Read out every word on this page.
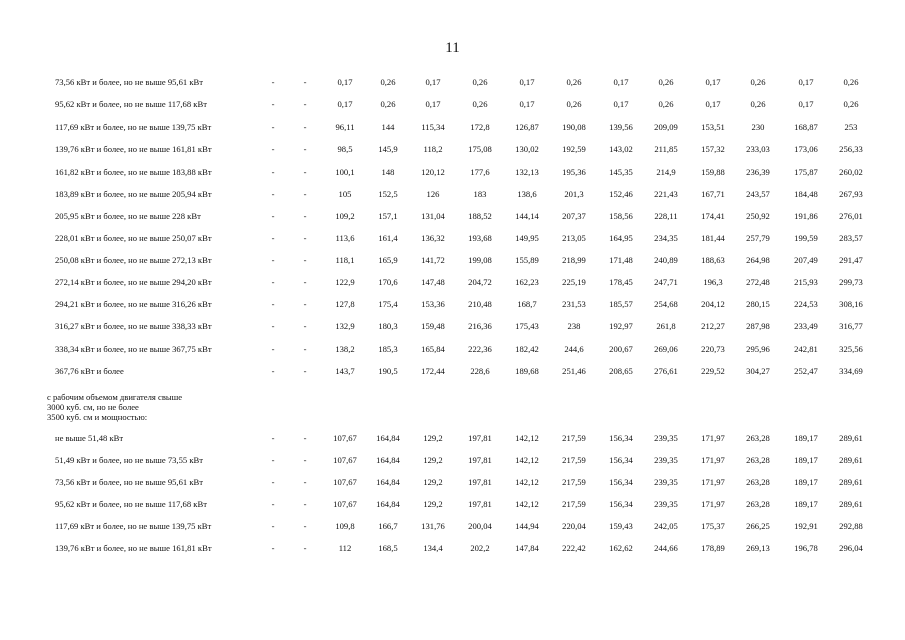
11
73,56 кВт и более, но не выше 95,61 кВт	-	-	0,17	0,26	0,17	0,26	0,17	0,26	0,17	0,26	0,17	0,26	0,17	0,26
95,62 кВт и более, но не выше 117,68 кВт	-	-	0,17	0,26	0,17	0,26	0,17	0,26	0,17	0,26	0,17	0,26	0,17	0,26
117,69 кВт и более, но не выше 139,75 кВт	-	-	96,11	144	115,34	172,8	126,87	190,08	139,56	209,09	153,51	230	168,87	253
139,76 кВт и более, но не выше 161,81 кВт	-	-	98,5	145,9	118,2	175,08	130,02	192,59	143,02	211,85	157,32	233,03	173,06	256,33
161,82 кВт и более, но не выше 183,88 кВт	-	-	100,1	148	120,12	177,6	132,13	195,36	145,35	214,9	159,88	236,39	175,87	260,02
183,89 кВт и более, но не выше 205,94 кВт	-	-	105	152,5	126	183	138,6	201,3	152,46	221,43	167,71	243,57	184,48	267,93
205,95 кВт и более, но не выше 228 кВт	-	-	109,2	157,1	131,04	188,52	144,14	207,37	158,56	228,11	174,41	250,92	191,86	276,01
228,01 кВт и более, но не выше 250,07 кВт	-	-	113,6	161,4	136,32	193,68	149,95	213,05	164,95	234,35	181,44	257,79	199,59	283,57
250,08 кВт и более, но не выше 272,13 кВт	-	-	118,1	165,9	141,72	199,08	155,89	218,99	171,48	240,89	188,63	264,98	207,49	291,47
272,14 кВт и более, но не выше 294,20 кВт	-	-	122,9	170,6	147,48	204,72	162,23	225,19	178,45	247,71	196,3	272,48	215,93	299,73
294,21 кВт и более, но не выше 316,26 кВт	-	-	127,8	175,4	153,36	210,48	168,7	231,53	185,57	254,68	204,12	280,15	224,53	308,16
316,27 кВт и более, но не выше 338,33 кВт	-	-	132,9	180,3	159,48	216,36	175,43	238	192,97	261,8	212,27	287,98	233,49	316,77
338,34 кВт и более, но не выше 367,75 кВт	-	-	138,2	185,3	165,84	222,36	182,42	244,6	200,67	269,06	220,73	295,96	242,81	325,56
367,76 кВт и более	-	-	143,7	190,5	172,44	228,6	189,68	251,46	208,65	276,61	229,52	304,27	252,47	334,69
не выше 51,48 кВт	-	-	107,67	164,84	129,2	197,81	142,12	217,59	156,34	239,35	171,97	263,28	189,17	289,61
51,49 кВт и более, но не выше 73,55 кВт	-	-	107,67	164,84	129,2	197,81	142,12	217,59	156,34	239,35	171,97	263,28	189,17	289,61
73,56 кВт и более, но не выше 95,61 кВт	-	-	107,67	164,84	129,2	197,81	142,12	217,59	156,34	239,35	171,97	263,28	189,17	289,61
95,62 кВт и более, но не выше 117,68 кВт	-	-	107,67	164,84	129,2	197,81	142,12	217,59	156,34	239,35	171,97	263,28	189,17	289,61
117,69 кВт и более, но не выше 139,75 кВт	-	-	109,8	166,7	131,76	200,04	144,94	220,04	159,43	242,05	175,37	266,25	192,91	292,88
139,76 кВт и более, но не выше 161,81 кВт	-	-	112	168,5	134,4	202,2	147,84	222,42	162,62	244,66	178,89	269,13	196,78	296,04
с рабочим объемом двигателя свыше
3000 куб. см, но не более
3500 куб. см и мощностью:
